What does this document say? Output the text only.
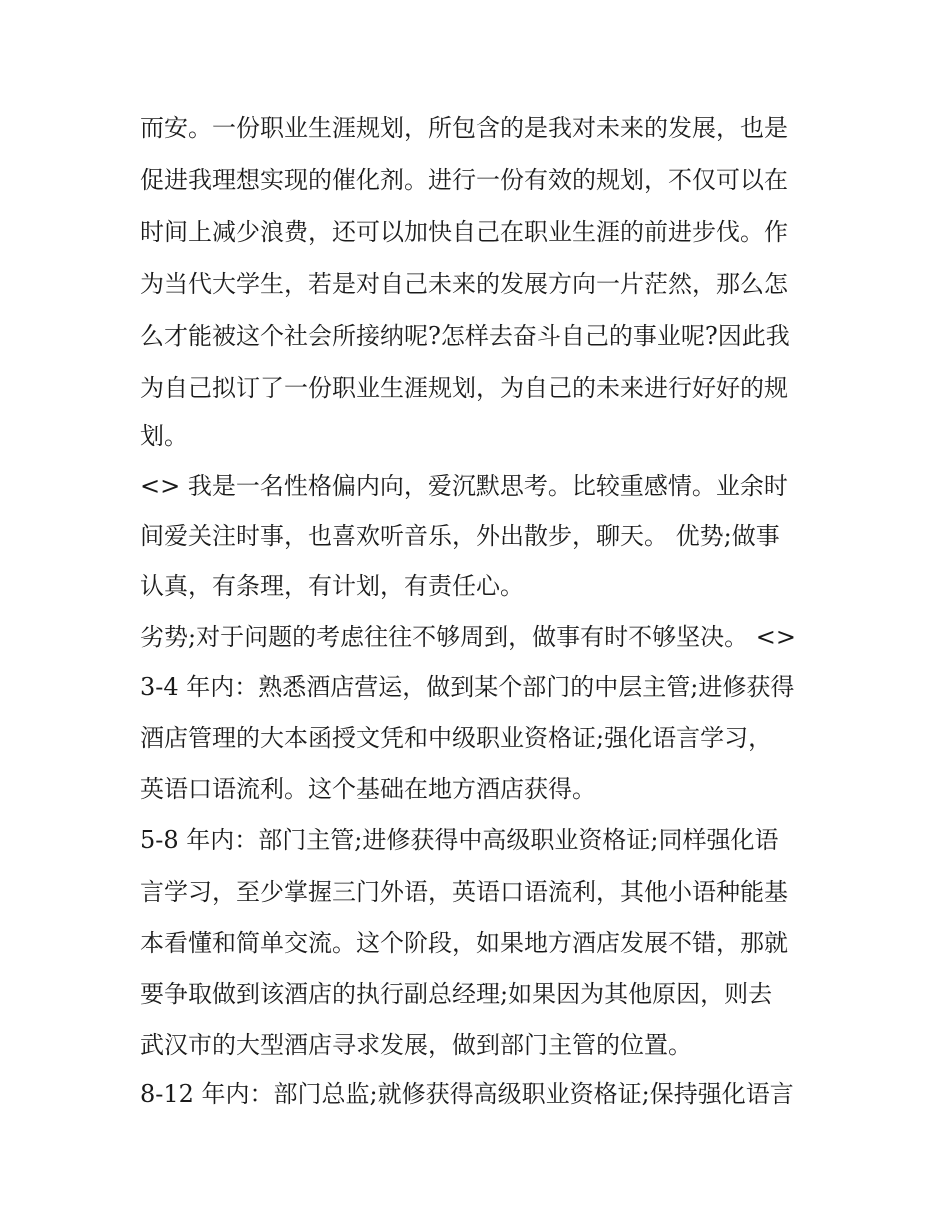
而安。一份职业生涯规划，所包含的是我对未来的发展，也是

促进我理想实现的催化剂。进行一份有效的规划，不仅可以在

时间上减少浪费，还可以加快自己在职业生涯的前进步伐。作

为当代大学生，若是对自己未来的发展方向一片茫然，那么怎

么才能被这个社会所接纳呢?怎样去奋斗自己的事业呢?因此我

为自己拟订了一份职业生涯规划，为自己的未来进行好好的规

划。

<> 我是一名性格偏内向，爱沉默思考。比较重感情。业余时

间爱关注时事，也喜欢听音乐，外出散步，聊天。 优势;做事

认真，有条理，有计划，有责任心。

劣势;对于问题的考虑往往不够周到，做事有时不够坚决。 <>

3-4 年内：熟悉酒店营运，做到某个部门的中层主管;进修获得

酒店管理的大本函授文凭和中级职业资格证;强化语言学习，

英语口语流利。这个基础在地方酒店获得。

5-8 年内：部门主管;进修获得中高级职业资格证;同样强化语

言学习，至少掌握三门外语，英语口语流利，其他小语种能基

本看懂和简单交流。这个阶段，如果地方酒店发展不错，那就

要争取做到该酒店的执行副总经理;如果因为其他原因，则去

武汉市的大型酒店寻求发展，做到部门主管的位置。

8-12 年内：部门总监;就修获得高级职业资格证;保持强化语言
